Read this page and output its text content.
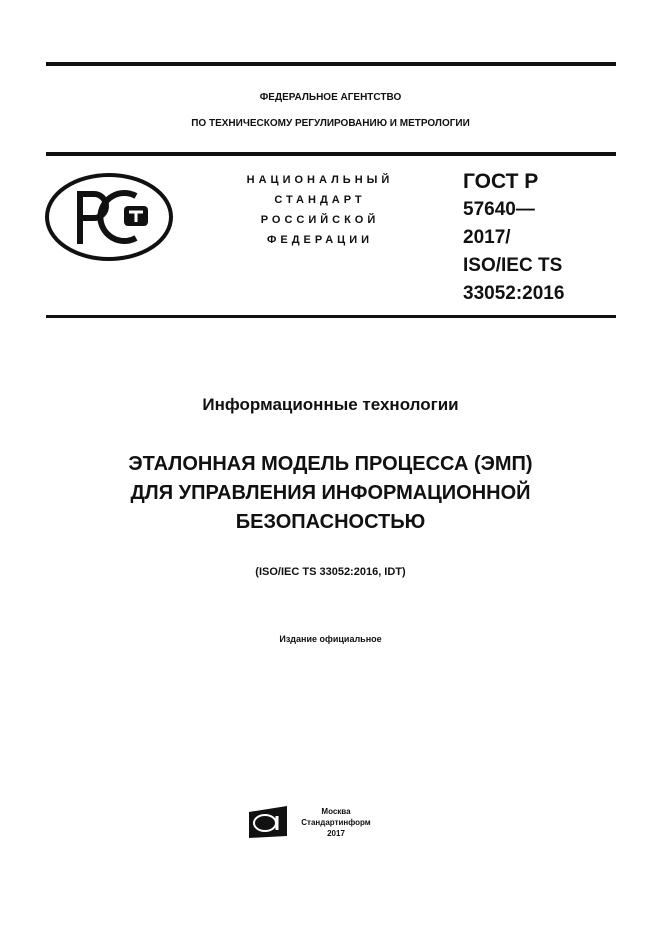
ФЕДЕРАЛЬНОЕ АГЕНТСТВО
ПО ТЕХНИЧЕСКОМУ РЕГУЛИРОВАНИЮ И МЕТРОЛОГИИ
НАЦИОНАЛЬНЫЙ
СТАНДАРТ
РОССИЙСКОЙ
ФЕДЕРАЦИИ
ГОСТ Р
57640—
2017/
ISO/IEC TS
33052:2016
Информационные технологии
ЭТАЛОННАЯ МОДЕЛЬ ПРОЦЕССА (ЭМП)
ДЛЯ УПРАВЛЕНИЯ ИНФОРМАЦИОННОЙ
БЕЗОПАСНОСТЬЮ
(ISO/IEC TS 33052:2016, IDT)
Издание официальное
Москва
Стандартинформ
2017
